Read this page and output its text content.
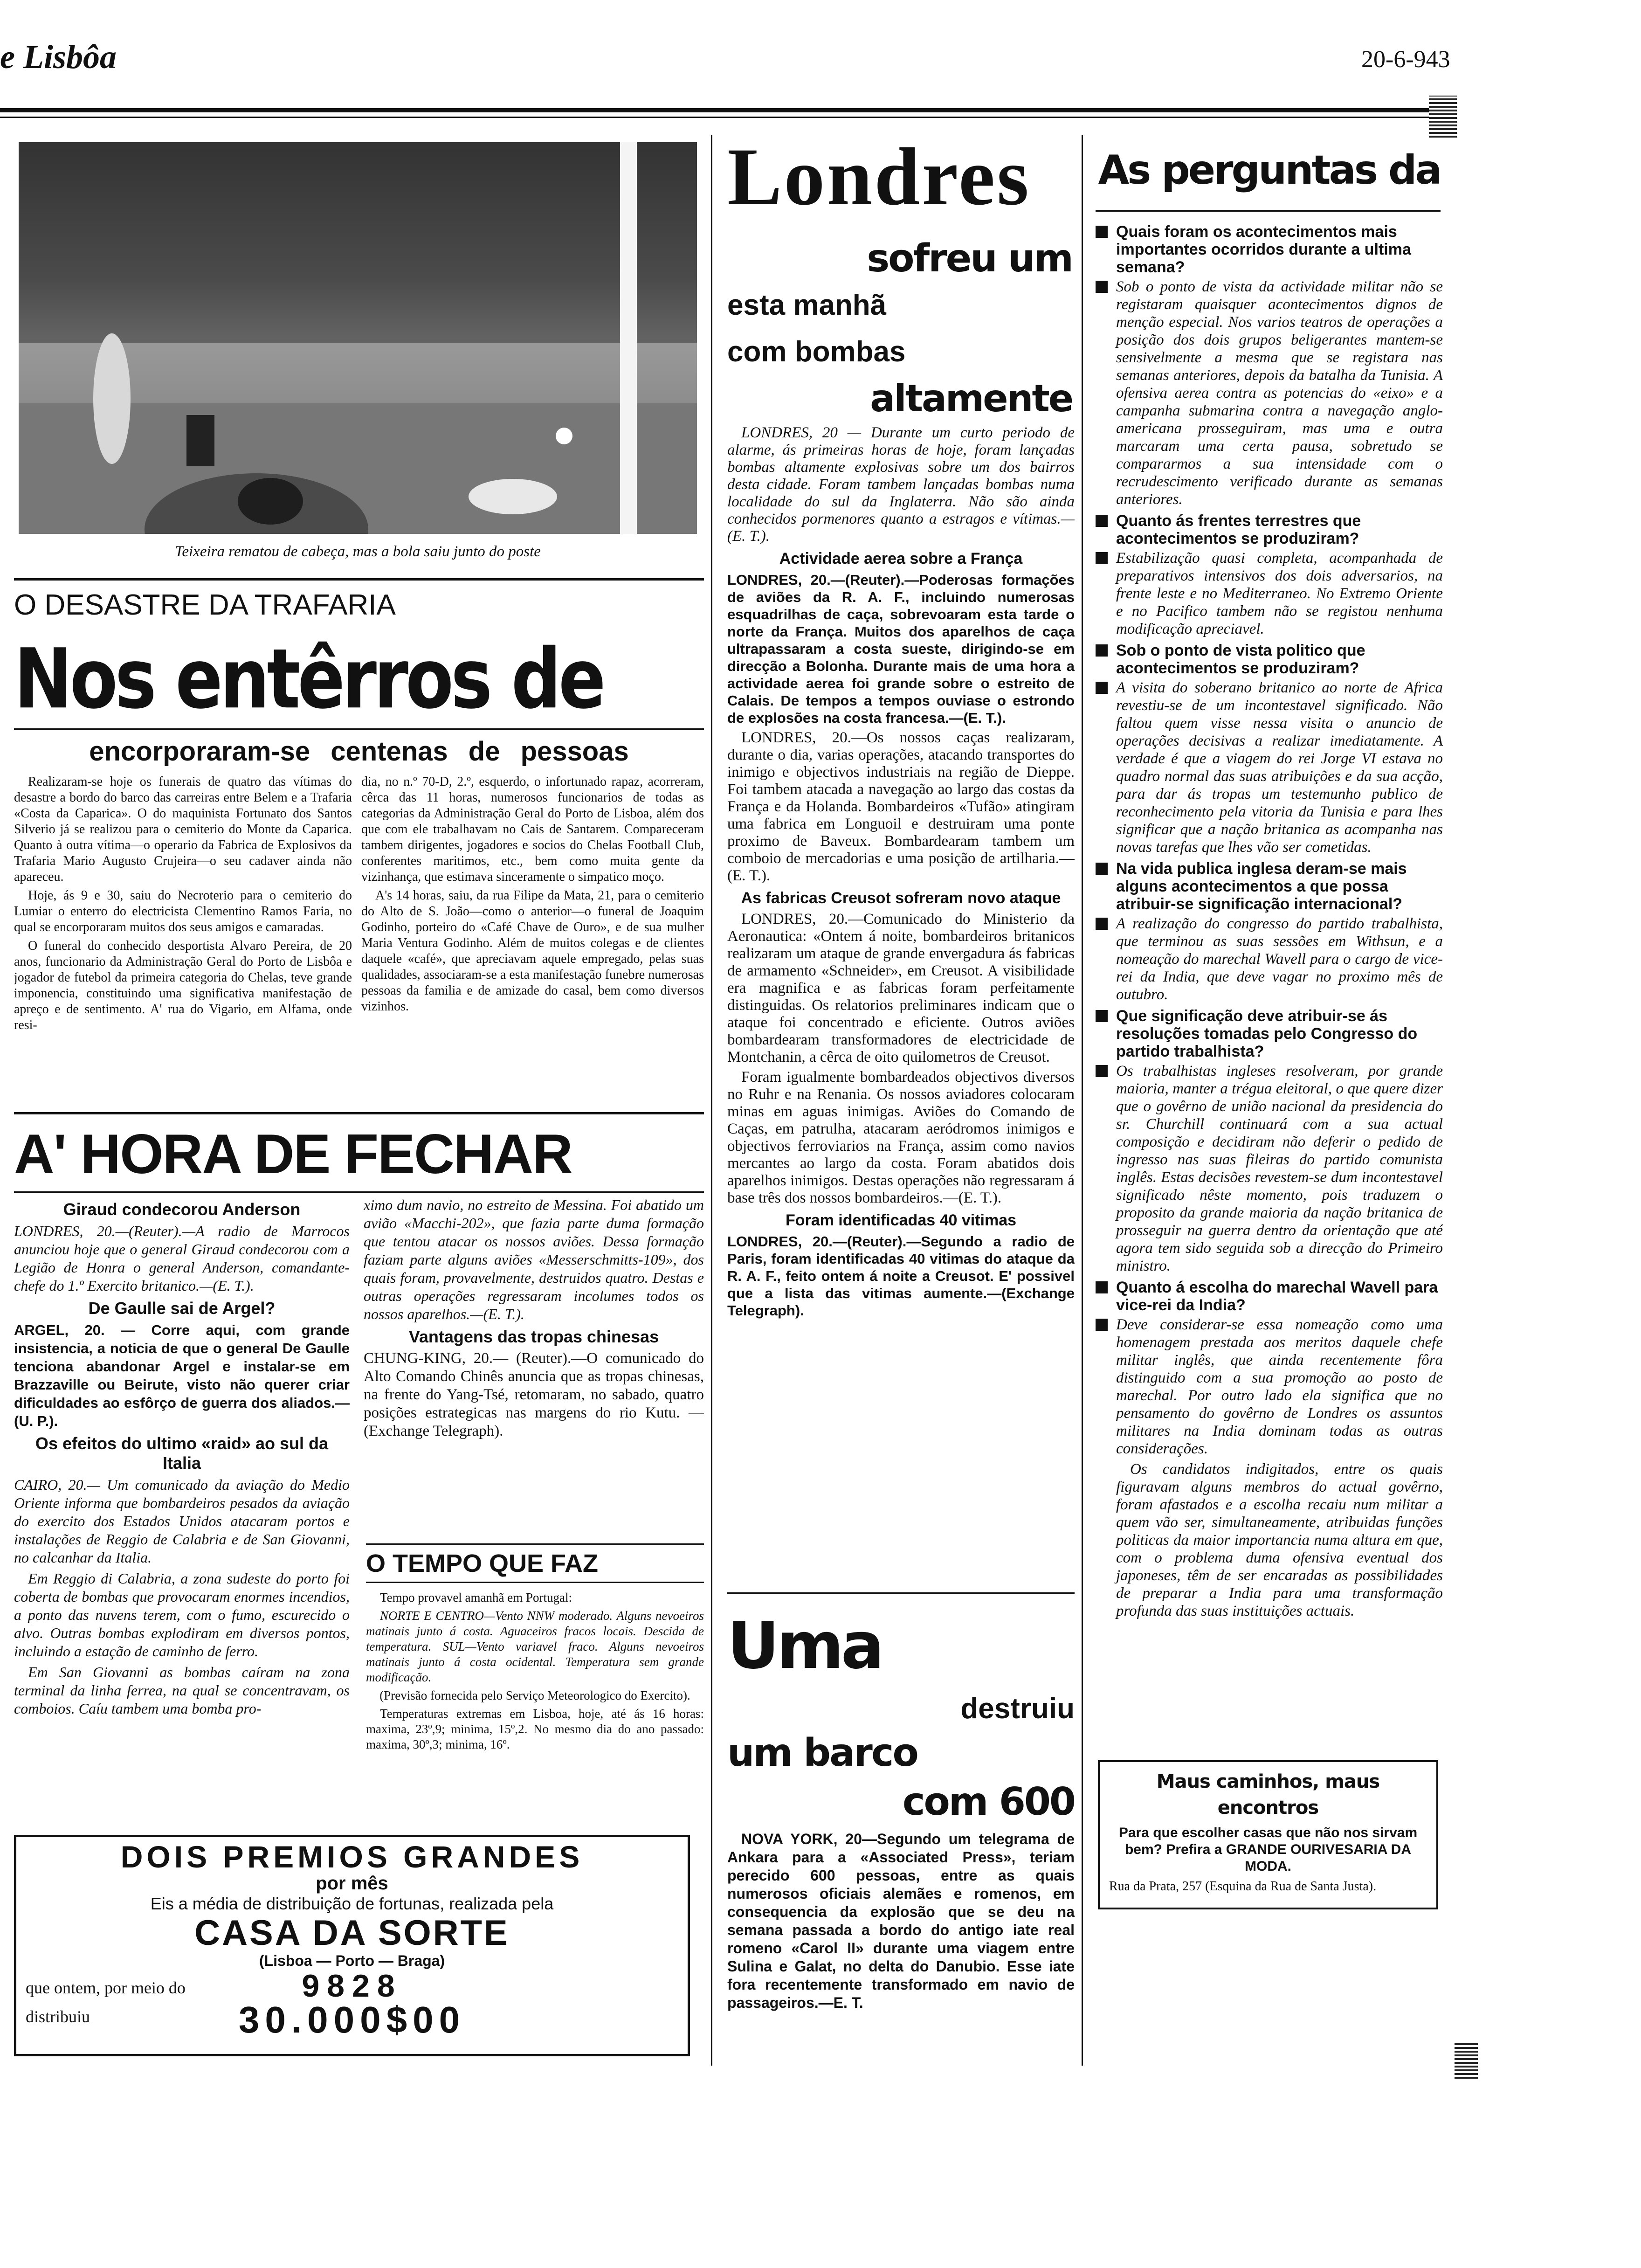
e Lisbôa	20-6-943
Teixeira rematou de cabeça, mas a bola saiu junto do poste
O DESASTRE DA TRAFARIA
Nos entêrros de
encorporaram-se centenas de pessoas

Realizaram-se hoje os funerais de quatro das vítimas do desastre a bordo do barco das carreiras entre Belem e a Trafaria «Costa da Caparica». O do maquinista Fortunato dos Santos Silverio já se realizou para o cemiterio do Monte da Caparica. Quanto à outra vítima—o operario da Fabrica de Explosivos da Trafaria Mario Augusto Crujeira—o seu cadaver ainda não apareceu.

Hoje, ás 9 e 30, saiu do Necroterio para o cemiterio do Lumiar o enterro do electricista Clementino Ramos Faria, no qual se encorporaram muitos dos seus amigos e camaradas.

O funeral do conhecido desportista Alvaro Pereira, de 20 anos, funcionario da Administração Geral do Porto de Lisbôa e jogador de futebol da primeira categoria do Chelas, teve grande imponencia, constituindo uma significativa manifestação de apreço e de sentimento. A' rua do Vigario, em Alfama, onde resi-

dia, no n.º 70-D, 2.º, esquerdo, o infortunado rapaz, acorreram, cêrca das 11 horas, numerosos funcionarios de todas as categorias da Administração Geral do Porto de Lisboa, além dos que com ele trabalhavam no Cais de Santarem. Compareceram tambem dirigentes, jogadores e socios do Chelas Football Club, conferentes maritimos, etc., bem como muita gente da vizinhança, que estimava sinceramente o simpatico moço.

A's 14 horas, saiu, da rua Filipe da Mata, 21, para o cemiterio do Alto de S. João—como o anterior—o funeral de Joaquim Godinho, porteiro do «Café Chave de Ouro», e de sua mulher Maria Ventura Godinho. Além de muitos colegas e de clientes daquele «café», que apreciavam aquele empregado, pelas suas qualidades, associaram-se a esta manifestação funebre numerosas pessoas da familia e de amizade do casal, bem como diversos vizinhos.

A' HORA DE FECHAR
Giraud condecorou Anderson

LONDRES, 20.—(Reuter).—A radio de Marrocos anunciou hoje que o general Giraud condecorou com a Legião de Honra o general Anderson, comandante-chefe do 1.º Exercito britanico.—(E. T.).

De Gaulle sai de Argel?

ARGEL, 20. — Corre aqui, com grande insistencia, a noticia de que o general De Gaulle tenciona abandonar Argel e instalar-se em Brazzaville ou Beirute, visto não querer criar dificuldades ao esfôrço de guerra dos aliados.—(U. P.).

Os efeitos do ultimo «raid» ao sul da Italia

CAIRO, 20.— Um comunicado da aviação do Medio Oriente informa que bombardeiros pesados da aviação do exercito dos Estados Unidos atacaram portos e instalações de Reggio de Calabria e de San Giovanni, no calcanhar da Italia.

Em Reggio di Calabria, a zona sudeste do porto foi coberta de bombas que provocaram enormes incendios, a ponto das nuvens terem, com o fumo, escurecido o alvo. Outras bombas explodiram em diversos pontos, incluindo a estação de caminho de ferro.

Em San Giovanni as bombas caíram na zona terminal da linha ferrea, na qual se concentravam, os comboios. Caíu tambem uma bomba pro-

ximo dum navio, no estreito de Messina. Foi abatido um avião «Macchi-202», que fazia parte duma formação que tentou atacar os nossos aviões. Dessa formação faziam parte alguns aviões «Messerschmitts-109», dos quais foram, provavelmente, destruidos quatro. Destas e outras operações regressaram incolumes todos os nossos aparelhos.—(E. T.).

Vantagens das tropas chinesas

CHUNG-KING, 20.— (Reuter).—O comunicado do Alto Comando Chinês anuncia que as tropas chinesas, na frente do Yang-Tsé, retomaram, no sabado, quatro posições estrategicas nas margens do rio Kutu. — (Exchange Telegraph).

O TEMPO QUE FAZ

Tempo provavel amanhã em Portugal:

NORTE E CENTRO—Vento NNW moderado. Alguns nevoeiros matinais junto á costa. Aguaceiros fracos locais. Descida de temperatura. SUL—Vento variavel fraco. Alguns nevoeiros matinais junto á costa ocidental. Temperatura sem grande modificação.

(Previsão fornecida pelo Serviço Meteorologico do Exercito).

Temperaturas extremas em Lisboa, hoje, até ás 16 horas: maxima, 23º,9; minima, 15º,2. No mesmo dia do ano passado: maxima, 30º,3; minima, 16º.

DOIS PREMIOS GRANDES
por mês
Eis a média de distribuição de fortunas, realizada pela
CASA DA SORTE
(Lisboa — Porto — Braga)
que ontem, por meio do	9828
distribuiu	30.000$00
Londres
sofreu um
esta manhã
com bombas
altamente

LONDRES, 20 — Durante um curto periodo de alarme, ás primeiras horas de hoje, foram lançadas bombas altamente explosivas sobre um dos bairros desta cidade. Foram tambem lançadas bombas numa localidade do sul da Inglaterra. Não são ainda conhecidos pormenores quanto a estragos e vítimas.—(E. T.).

Actividade aerea sobre a França

LONDRES, 20.—(Reuter).—Poderosas formações de aviões da R. A. F., incluindo numerosas esquadrilhas de caça, sobrevoaram esta tarde o norte da França. Muitos dos aparelhos de caça ultrapassaram a costa sueste, dirigindo-se em direcção a Bolonha. Durante mais de uma hora a actividade aerea foi grande sobre o estreito de Calais. De tempos a tempos ouviase o estrondo de explosões na costa francesa.—(E. T.).

LONDRES, 20.—Os nossos caças realizaram, durante o dia, varias operações, atacando transportes do inimigo e objectivos industriais na região de Dieppe. Foi tambem atacada a navegação ao largo das costas da França e da Holanda. Bombardeiros «Tufão» atingiram uma fabrica em Longuoil e destruiram uma ponte proximo de Baveux. Bombardearam tambem um comboio de mercadorias e uma posição de artilharia.—(E. T.).

As fabricas Creusot sofreram novo ataque

LONDRES, 20.—Comunicado do Ministerio da Aeronautica: «Ontem á noite, bombardeiros britanicos realizaram um ataque de grande envergadura ás fabricas de armamento «Schneider», em Creusot. A visibilidade era magnifica e as fabricas foram perfeitamente distinguidas. Os relatorios preliminares indicam que o ataque foi concentrado e eficiente. Outros aviões bombardearam transformadores de electricidade de Montchanin, a cêrca de oito quilometros de Creusot.

Foram igualmente bombardeados objectivos diversos no Ruhr e na Renania. Os nossos aviadores colocaram minas em aguas inimigas. Aviões do Comando de Caças, em patrulha, atacaram aeródromos inimigos e objectivos ferroviarios na França, assim como navios mercantes ao largo da costa. Foram abatidos dois aparelhos inimigos. Destas operações não regressaram á base três dos nossos bombardeiros.—(E. T.).

Foram identificadas 40 vitimas

LONDRES, 20.—(Reuter).—Segundo a radio de Paris, foram identificadas 40 vitimas do ataque da R. A. F., feito ontem á noite a Creusot. E' possivel que a lista das vitimas aumente.—(Exchange Telegraph).

Uma
destruiu
um barco
com 600

NOVA YORK, 20—Segundo um telegrama de Ankara para a «Associated Press», teriam perecido 600 pessoas, entre as quais numerosos oficiais alemães e romenos, em consequencia da explosão que se deu na semana passada a bordo do antigo iate real romeno «Carol II» durante uma viagem entre Sulina e Galat, no delta do Danubio. Esse iate fora recentemente transformado em navio de passageiros.—E. T.

As perguntas da
Quais foram os acontecimentos mais importantes ocorridos durante a ultima semana?
Sob o ponto de vista da actividade militar não se registaram quaisquer acontecimentos dignos de menção especial. Nos varios teatros de operações a posição dos dois grupos beligerantes mantem-se sensivelmente a mesma que se registara nas semanas anteriores, depois da batalha da Tunisia. A ofensiva aerea contra as potencias do «eixo» e a campanha submarina contra a navegação anglo-americana prosseguiram, mas uma e outra marcaram uma certa pausa, sobretudo se compararmos a sua intensidade com o recrudescimento verificado durante as semanas anteriores.
Quanto ás frentes terrestres que acontecimentos se produziram?
Estabilização quasi completa, acompanhada de preparativos intensivos dos dois adversarios, na frente leste e no Mediterraneo. No Extremo Oriente e no Pacifico tambem não se registou nenhuma modificação apreciavel.
Sob o ponto de vista politico que acontecimentos se produziram?
A visita do soberano britanico ao norte de Africa revestiu-se de um incontestavel significado. Não faltou quem visse nessa visita o anuncio de operações decisivas a realizar imediatamente. A verdade é que a viagem do rei Jorge VI estava no quadro normal das suas atribuições e da sua acção, para dar ás tropas um testemunho publico de reconhecimento pela vitoria da Tunisia e para lhes significar que a nação britanica as acompanha nas novas tarefas que lhes vão ser cometidas.
Na vida publica inglesa deram-se mais alguns acontecimentos a que possa atribuir-se significação internacional?
A realização do congresso do partido trabalhista, que terminou as suas sessões em Withsun, e a nomeação do marechal Wavell para o cargo de vice-rei da India, que deve vagar no proximo mês de outubro.
Que significação deve atribuir-se ás resoluções tomadas pelo Congresso do partido trabalhista?
Os trabalhistas ingleses resolveram, por grande maioria, manter a trégua eleitoral, o que quere dizer que o govêrno de união nacional da presidencia do sr. Churchill continuará com a sua actual composição e decidiram não deferir o pedido de ingresso nas suas fileiras do partido comunista inglês. Estas decisões revestem-se dum incontestavel significado nêste momento, pois traduzem o proposito da grande maioria da nação britanica de prosseguir na guerra dentro da orientação que até agora tem sido seguida sob a direcção do Primeiro ministro.
Quanto á escolha do marechal Wavell para vice-rei da India?
Deve considerar-se essa nomeação como uma homenagem prestada aos meritos daquele chefe militar inglês, que ainda recentemente fôra distinguido com a sua promoção ao posto de marechal. Por outro lado ela significa que no pensamento do govêrno de Londres os assuntos militares na India dominam todas as outras considerações.
Os candidatos indigitados, entre os quais figuravam alguns membros do actual govêrno, foram afastados e a escolha recaiu num militar a quem vão ser, simultaneamente, atribuidas funções politicas da maior importancia numa altura em que, com o problema duma ofensiva eventual dos japoneses, têm de ser encaradas as possibilidades de preparar a India para uma transformação profunda das suas instituições actuais.
Maus caminhos, maus encontros
Para que escolher casas que não nos sirvam bem? Prefira a GRANDE OURIVESARIA DA MODA.
Rua da Prata, 257 (Esquina da Rua de Santa Justa).
